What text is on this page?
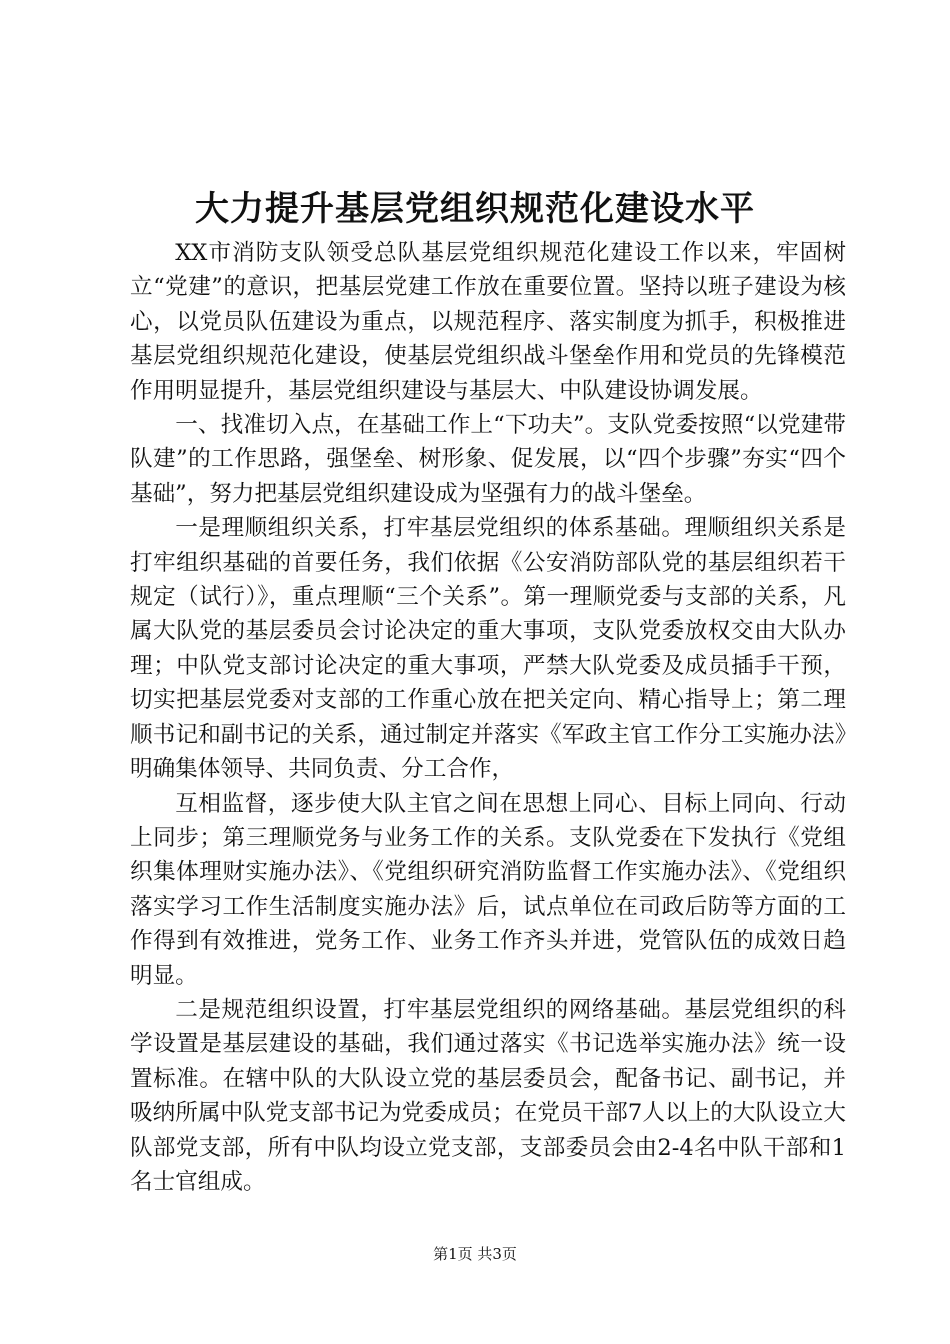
大力提升基层党组织规范化建设水平

XX市消防支队领受总队基层党组织规范化建设工作以来，牢固树立“党建”的意识，把基层党建工作放在重要位置。坚持以班子建设为核心，以党员队伍建设为重点，以规范程序、落实制度为抓手，积极推进基层党组织规范化建设，使基层党组织战斗堡垒作用和党员的先锋模范作用明显提升，基层党组织建设与基层大、中队建设协调发展。

一、找准切入点，在基础工作上“下功夫”。支队党委按照“以党建带队建”的工作思路，强堡垒、树形象、促发展，以“四个步骤”夯实“四个基础”，努力把基层党组织建设成为坚强有力的战斗堡垒。

一是理顺组织关系，打牢基层党组织的体系基础。理顺组织关系是打牢组织基础的首要任务，我们依据《公安消防部队党的基层组织若干规定（试行）》，重点理顺“三个关系”。第一理顺党委与支部的关系，凡属大队党的基层委员会讨论决定的重大事项，支队党委放权交由大队办理；中队党支部讨论决定的重大事项，严禁大队党委及成员插手干预，切实把基层党委对支部的工作重心放在把关定向、精心指导上；第二理顺书记和副书记的关系，通过制定并落实《军政主官工作分工实施办法》明确集体领导、共同负责、分工合作，

互相监督，逐步使大队主官之间在思想上同心、目标上同向、行动上同步；第三理顺党务与业务工作的关系。支队党委在下发执行《党组织集体理财实施办法》、《党组织研究消防监督工作实施办法》、《党组织落实学习工作生活制度实施办法》后，试点单位在司政后防等方面的工作得到有效推进，党务工作、业务工作齐头并进，党管队伍的成效日趋明显。

二是规范组织设置，打牢基层党组织的网络基础。基层党组织的科学设置是基层建设的基础，我们通过落实《书记选举实施办法》统一设置标准。在辖中队的大队设立党的基层委员会，配备书记、副书记，并吸纳所属中队党支部书记为党委成员；在党员干部7人以上的大队设立大队部党支部，所有中队均设立党支部，支部委员会由2-4名中队干部和1名士官组成。

第1页 共3页
